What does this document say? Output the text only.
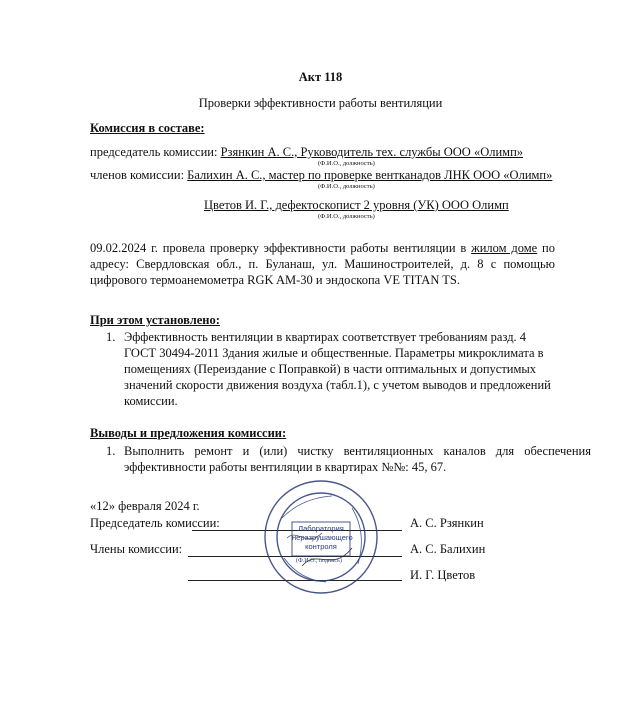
Акт 118
Проверки эффективности работы вентиляции
Комиссия в составе:
председатель комиссии: Рзянкин А. С., Руководитель тех. службы ООО «Олимп»
(Ф.И.О., должность)
членов комиссии: Балихин А. С., мастер по проверке вентканадов ЛНК ООО «Олимп»
(Ф.И.О., должность)
Цветов И. Г., дефектоскопист 2 уровня (УК) ООО Олимп
(Ф.И.О., должность)
09.02.2024 г. провела проверку эффективности работы вентиляции в жилом доме по адресу: Свердловская обл., п. Буланаш, ул. Машиностроителей, д. 8 с помощью цифрового термоанемометра RGK AM-30 и эндоскопа VE TITAN TS.
При этом установлено:
1. Эффективность вентиляции в квартирах соответствует требованиям разд. 4 ГОСТ 30494-2011 Здания жилые и общественные. Параметры микроклимата в помещениях (Переиздание с Поправкой) в части оптимальных и допустимых значений скорости движения воздуха (табл.1), с учетом выводов и предложений комиссии.
Выводы и предложения комиссии:
1. Выполнить ремонт и (или) чистку вентиляционных каналов для обеспечения эффективности работы вентиляции в квартирах №№: 45, 67.
«12» февраля 2024 г.
Председатель комиссии:	А. С. Рзянкин
Члены комиссии:	А. С. Балихин
И. Г. Цветов
Лаборатория
неразрушающего
контроля
(Ф.И.О., подпись)
